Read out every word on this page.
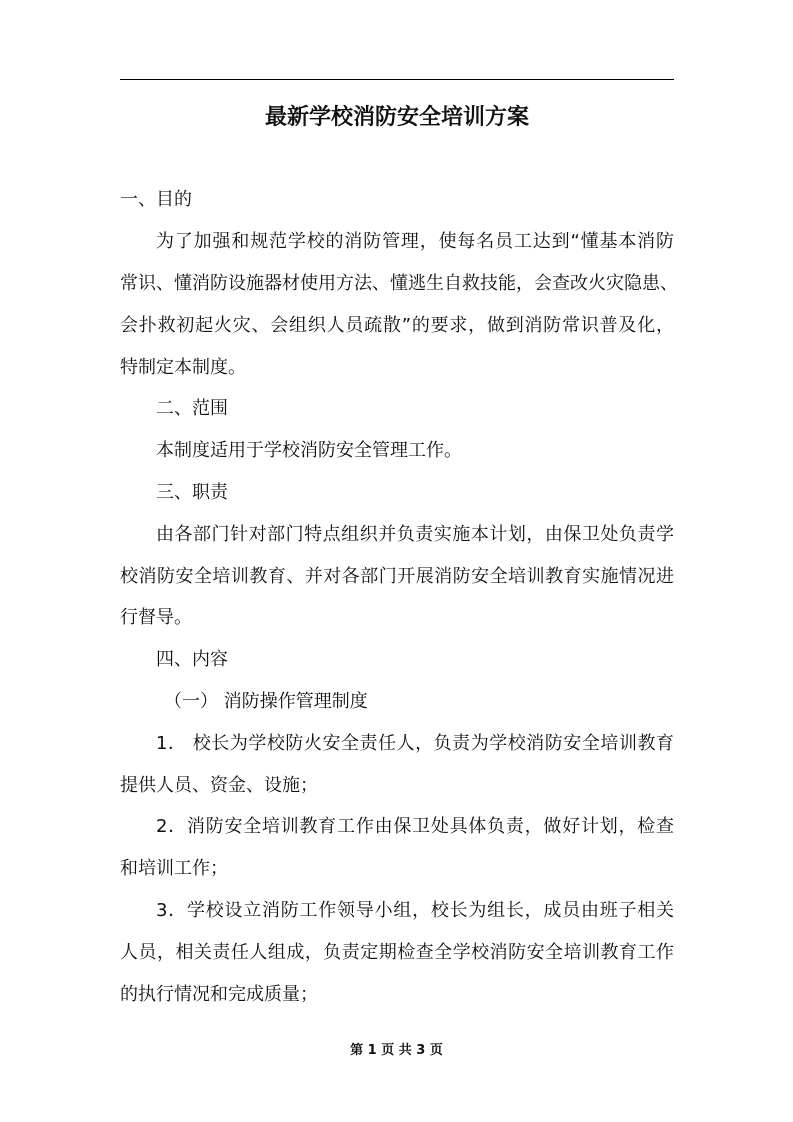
最新学校消防安全培训方案

一、目的

为了加强和规范学校的消防管理，使每名员工达到“懂基本消防

常识、懂消防设施器材使用方法、懂逃生自救技能，会查改火灾隐患、

会扑救初起火灾、会组织人员疏散”的要求，做到消防常识普及化，

特制定本制度。

二、范围

本制度适用于学校消防安全管理工作。

三、职责

由各部门针对部门特点组织并负责实施本计划，由保卫处负责学

校消防安全培训教育、并对各部门开展消防安全培训教育实施情况进

行督导。

四、内容

（一） 消防操作管理制度

1． 校长为学校防火安全责任人，负责为学校消防安全培训教育

提供人员、资金、设施；

2．消防安全培训教育工作由保卫处具体负责，做好计划，检查

和培训工作；

3．学校设立消防工作领导小组，校长为组长，成员由班子相关

人员，相关责任人组成，负责定期检查全学校消防安全培训教育工作

的执行情况和完成质量；

第 1 页 共 3 页
